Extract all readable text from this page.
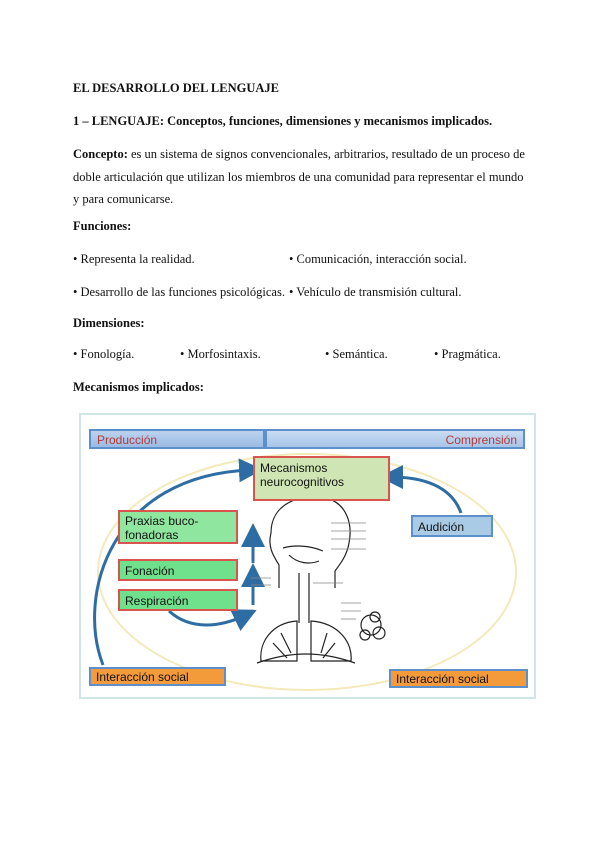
EL DESARROLLO DEL LENGUAJE
1 – LENGUAJE: Conceptos, funciones, dimensiones y mecanismos implicados.
Concepto: es un sistema de signos convencionales, arbitrarios, resultado de un proceso de doble articulación que utilizan los miembros de una comunidad para representar el mundo y para comunicarse.
Funciones:
• Representa la realidad.	• Comunicación, interacción social.
• Desarrollo de las funciones psicológicas. • Vehículo de transmisión cultural.
Dimensiones:
• Fonología.	• Morfosintaxis.	• Semántica.	• Pragmática.
Mecanismos implicados:
Producción	Comprensión
Mecanismos neurocognitivos
Praxias buco-fonadoras
Fonación
Respiración
Audición
Interacción social	Interacción social
